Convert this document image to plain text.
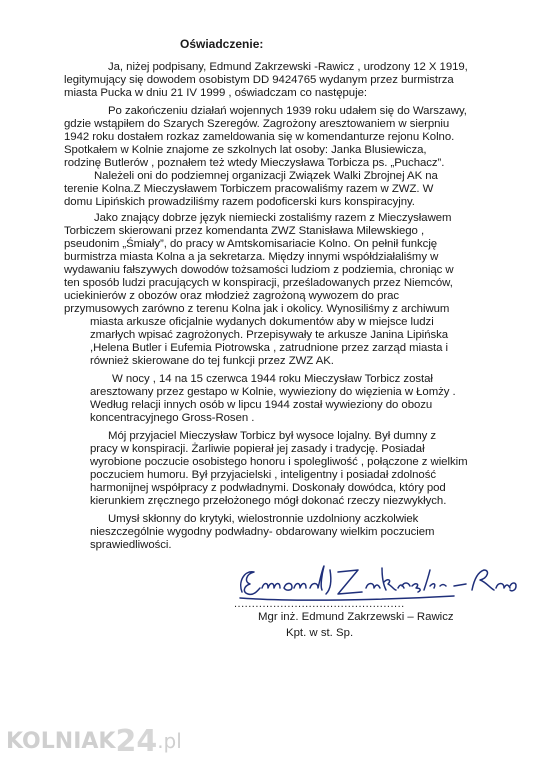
Oświadczenie:
Ja, niżej podpisany, Edmund Zakrzewski -Rawicz , urodzony 12 X 1919,
legitymujący się dowodem osobistym DD 9424765 wydanym przez burmistrza
miasta Pucka w dniu 21 IV 1999 , oświadczam co następuje:
Po zakończeniu działań wojennych 1939 roku udałem się do Warszawy,
gdzie wstąpiłem do Szarych Szeregów. Zagrożony aresztowaniem w sierpniu
1942 roku dostałem rozkaz zameldowania się w komendanturze rejonu Kolno.
Spotkałem w Kolnie znajome ze szkolnych lat osoby: Janka Blusiewicza,
rodzinę Butlerów , poznałem też wtedy Mieczysława Torbicza ps. „Puchacz”.
Należeli oni do podziemnej organizacji Związek Walki Zbrojnej AK na
terenie Kolna.Z Mieczysławem Torbiczem pracowaliśmy razem w ZWZ. W
domu Lipińskich prowadziliśmy razem podoficerski kurs konspiracyjny.
Jako znający dobrze język niemiecki zostaliśmy razem z Mieczysławem
Torbiczem skierowani przez komendanta ZWZ Stanisława Milewskiego ,
pseudonim „Śmiały”, do pracy w Amtskomisariacie Kolno. On pełnił funkcję
burmistrza miasta Kolna a ja sekretarza. Między innymi współdziałaliśmy w
wydawaniu fałszywych dowodów tożsamości ludziom z podziemia, chroniąc w
ten sposób ludzi pracujących w konspiracji, prześladowanych przez Niemców,
uciekinierów z obozów oraz młodzież zagrożoną wywozem do prac
przymusowych zarówno z terenu Kolna jak i okolicy. Wynosiliśmy z archiwum
miasta arkusze oficjalnie wydanych dokumentów aby w miejsce ludzi
zmarłych wpisać zagrożonych. Przepisywały te arkusze Janina Lipińska
,Helena Butler i Eufemia Piotrowska , zatrudnione przez zarząd miasta i
również skierowane do tej funkcji przez ZWZ AK.
W nocy , 14 na 15 czerwca 1944 roku Mieczysław Torbicz został
aresztowany przez gestapo w Kolnie, wywieziony do więzienia w Łomży .
Według relacji innych osób w lipcu 1944 został wywieziony do obozu
koncentracyjnego Gross-Rosen .
Mój przyjaciel Mieczysław Torbicz był wysoce lojalny. Był dumny z
pracy w konspiracji. Żarliwie popierał jej zasady i tradycję. Posiadał
wyrobione poczucie osobistego honoru i spolegliwość , połączone z wielkim
poczuciem humoru. Był przyjacielski , inteligentny i posiadał zdolność
harmonijnej współpracy z podwładnymi. Doskonały dowódca, który pod
kierunkiem zręcznego przełożonego mógł dokonać rzeczy niezwykłych.
Umysł skłonny do krytyki, wielostronnie uzdolniony aczkolwiek
nieszczególnie wygodny podwładny- obdarowany wielkim poczuciem
sprawiedliwości.
................................................
Mgr inż. Edmund Zakrzewski – Rawicz
Kpt. w st. Sp.
KOLNIAK 24 .pl
